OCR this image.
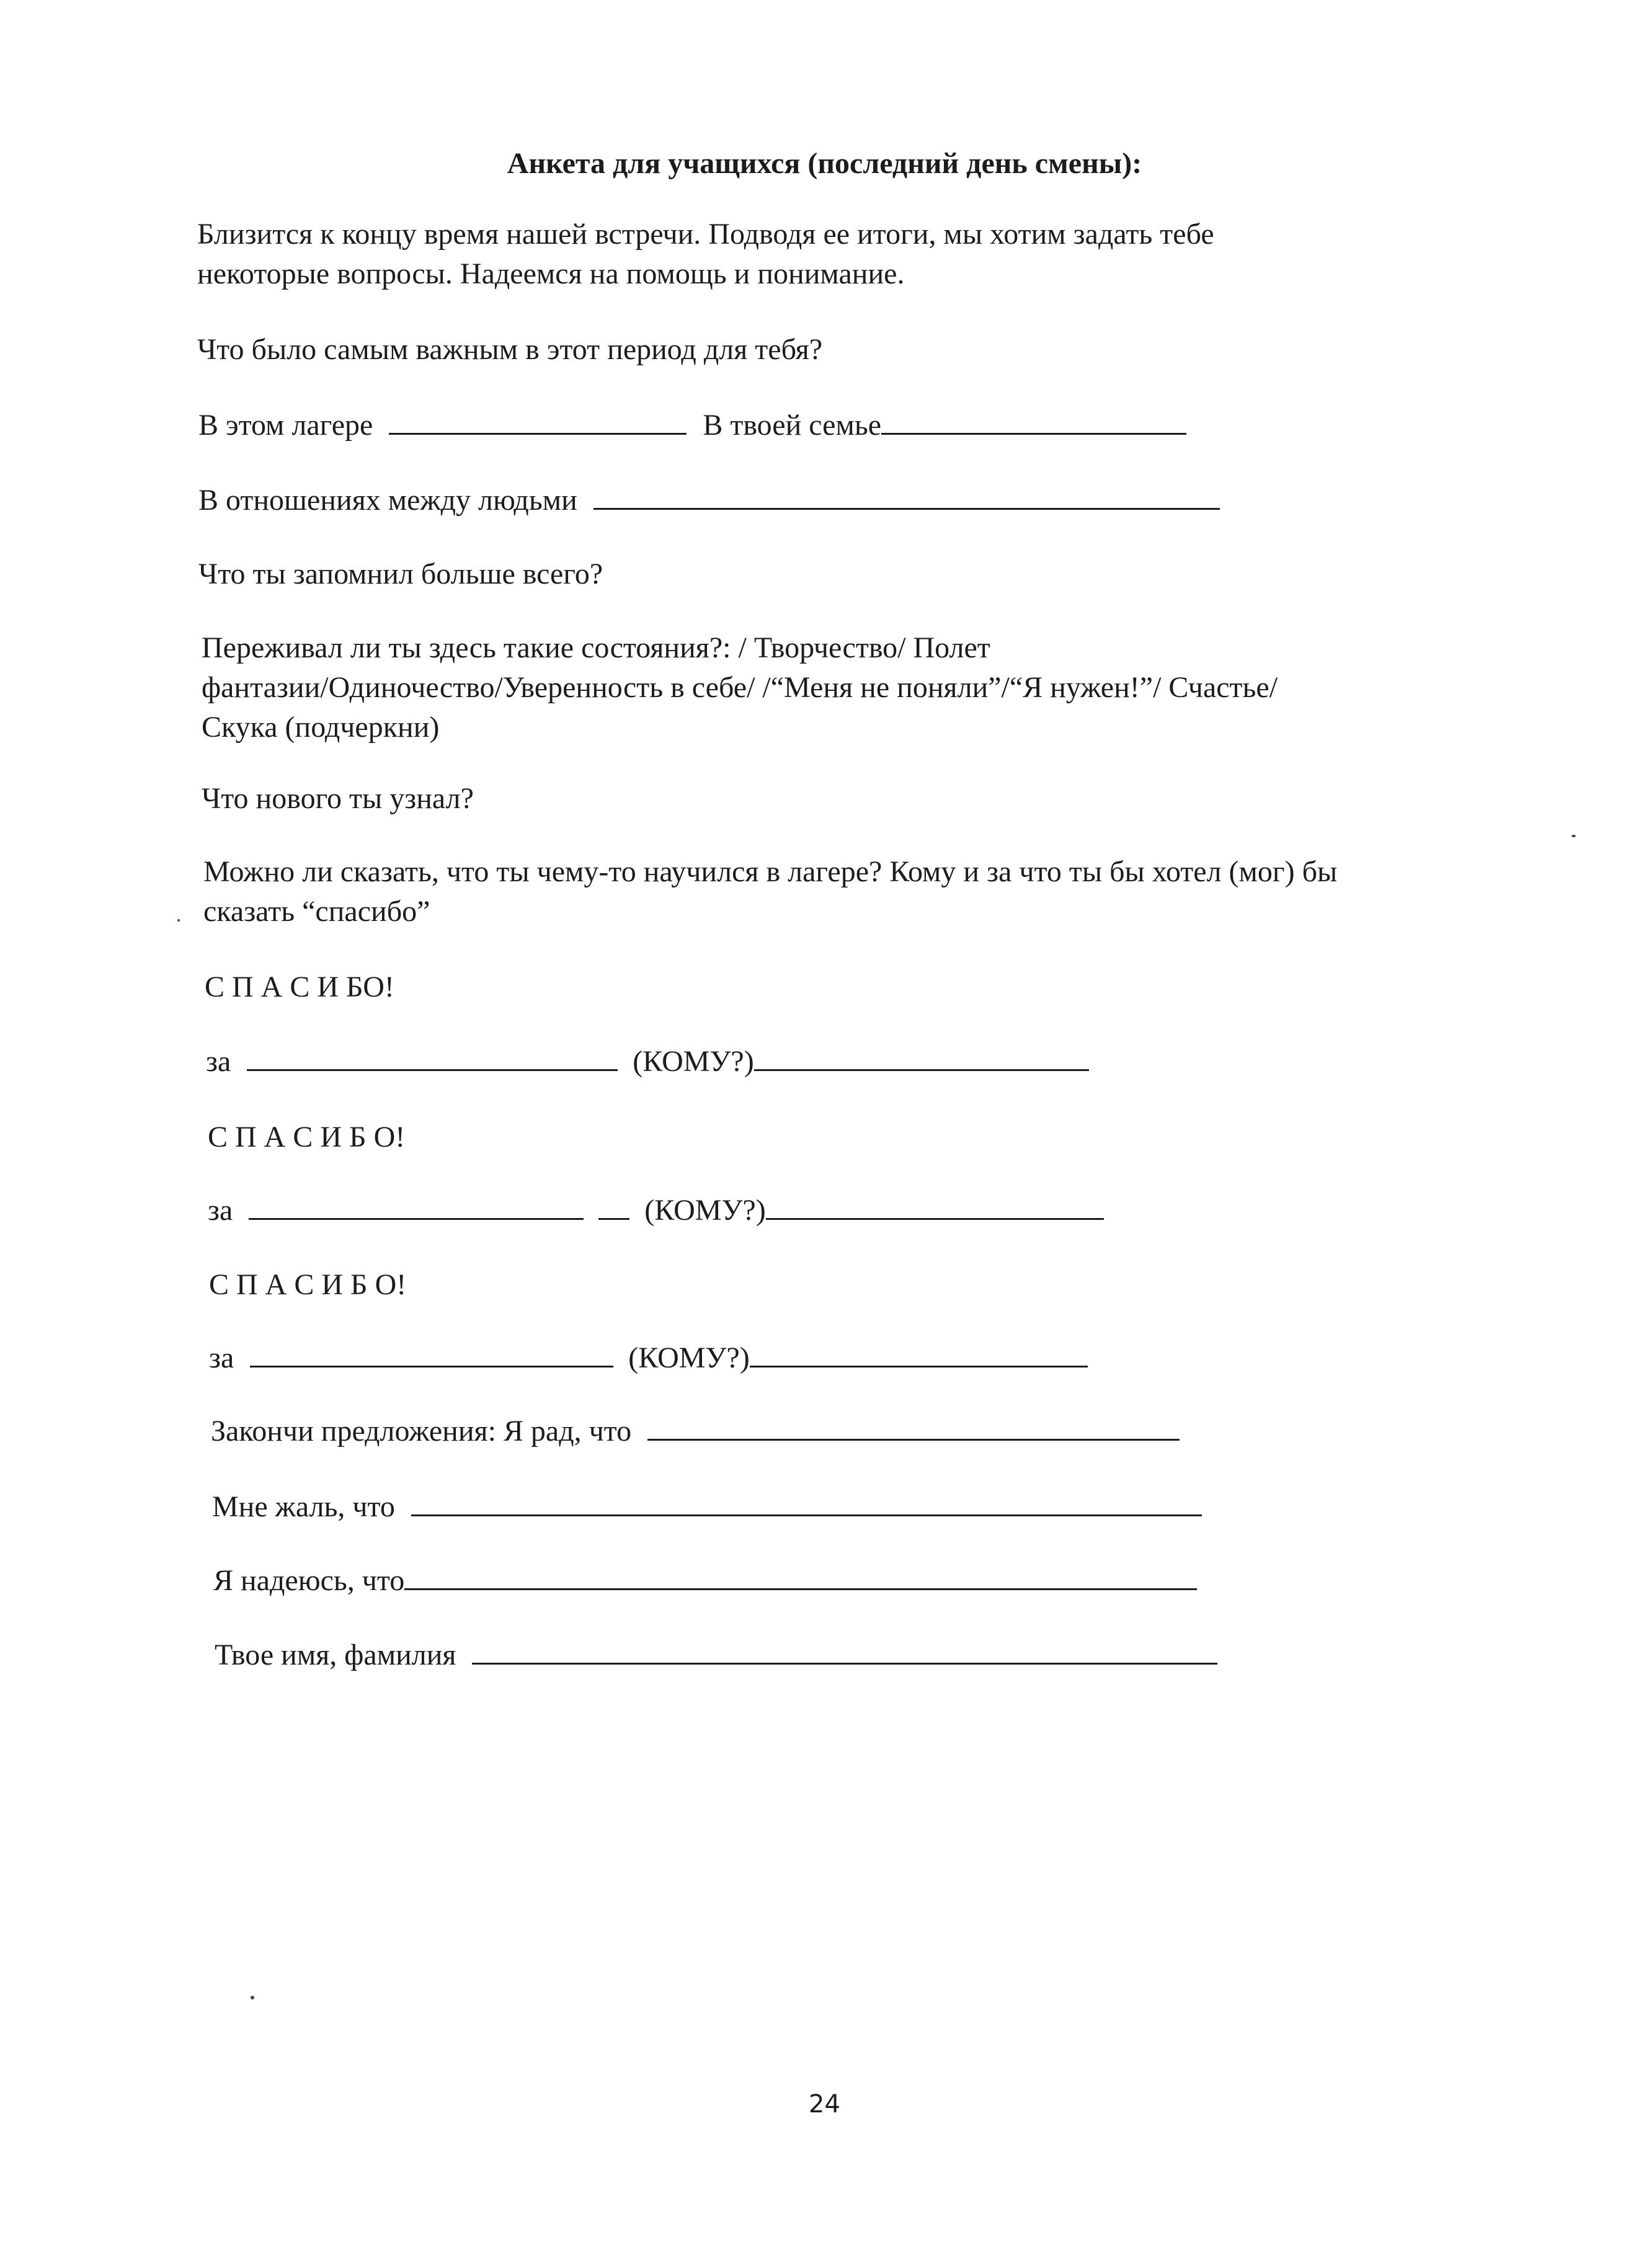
Анкета для учащихся (последний день смены):
Близится к концу время нашей встречи. Подводя ее итоги, мы хотим задать тебе
некоторые вопросы. Надеемся на помощь и понимание.
Что было самым важным в этот период для тебя?
В этом лагере	В твоей семье
В отношениях между людьми
Что ты запомнил больше всего?
Переживал ли ты здесь такие состояния?: / Творчество/ Полет
фантазии/Одиночество/Уверенность в себе/ /“Меня не поняли”/“Я нужен!”/ Счастье/
Скука (подчеркни)
Что нового ты узнал?
Можно ли сказать, что ты чему-то научился в лагере? Кому и за что ты бы хотел (мог) бы
сказать “спасибо”
С П А С И БО!
за	(КОМУ?)
С П А С И Б О!
за	(КОМУ?)
С П А С И Б О!
за	(КОМУ?)
Закончи предложения: Я рад, что
Мне жаль, что
Я надеюсь, что
Твое имя, фамилия
24
